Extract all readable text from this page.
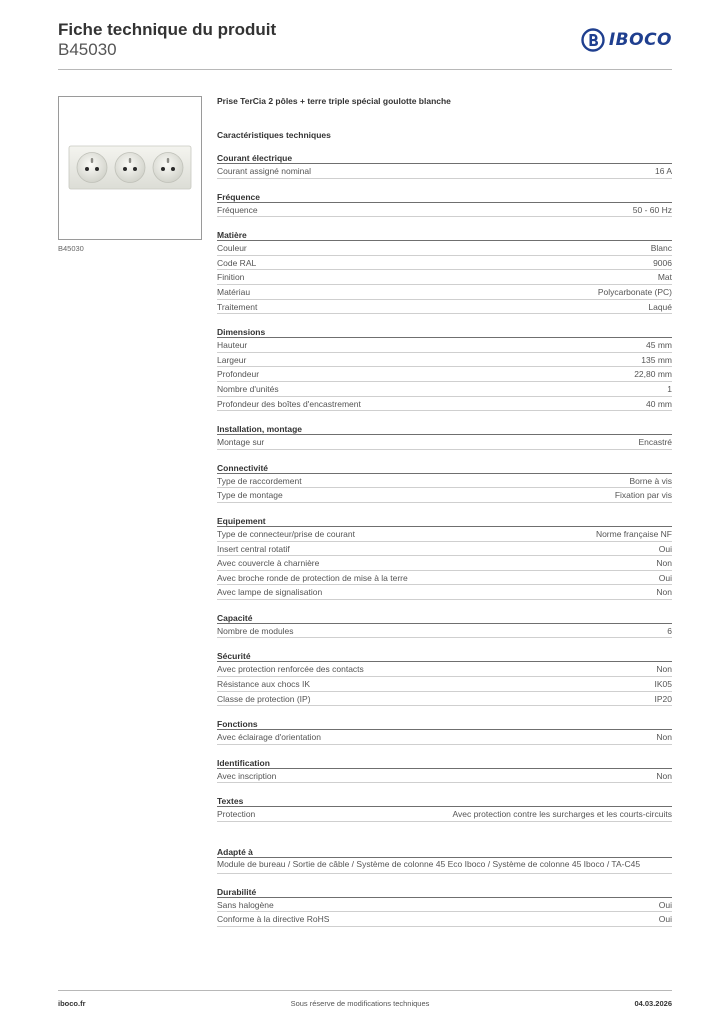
Fiche technique du produit
B45030	IBOCO
B45030
Prise TerCia 2 pôles + terre triple spécial goulotte blanche
Caractéristiques techniques
Courant électrique
Courant assigné nominal	16 A
Fréquence
Fréquence	50 - 60 Hz
Matière
Couleur	Blanc
Code RAL	9006
Finition	Mat
Matériau	Polycarbonate (PC)
Traitement	Laqué
Dimensions
Hauteur	45 mm
Largeur	135 mm
Profondeur	22,80 mm
Nombre d'unités	1
Profondeur des boîtes d'encastrement	40 mm
Installation, montage
Montage sur	Encastré
Connectivité
Type de raccordement	Borne à vis
Type de montage	Fixation par vis
Equipement
Type de connecteur/prise de courant	Norme française NF
Insert central rotatif	Oui
Avec couvercle à charnière	Non
Avec broche ronde de protection de mise à la terre	Oui
Avec lampe de signalisation	Non
Capacité
Nombre de modules	6
Sécurité
Avec protection renforcée des contacts	Non
Résistance aux chocs IK	IK05
Classe de protection (IP)	IP20
Fonctions
Avec éclairage d'orientation	Non
Identification
Avec inscription	Non
Textes
Protection	Avec protection contre les surcharges et les courts-circuits
Adapté à
Module de bureau / Sortie de câble / Système de colonne 45 Eco Iboco / Système de colonne 45 Iboco / TA-C45
Durabilité
Sans halogène	Oui
Conforme à la directive RoHS	Oui
iboco.fr	Sous réserve de modifications techniques	04.03.2026
